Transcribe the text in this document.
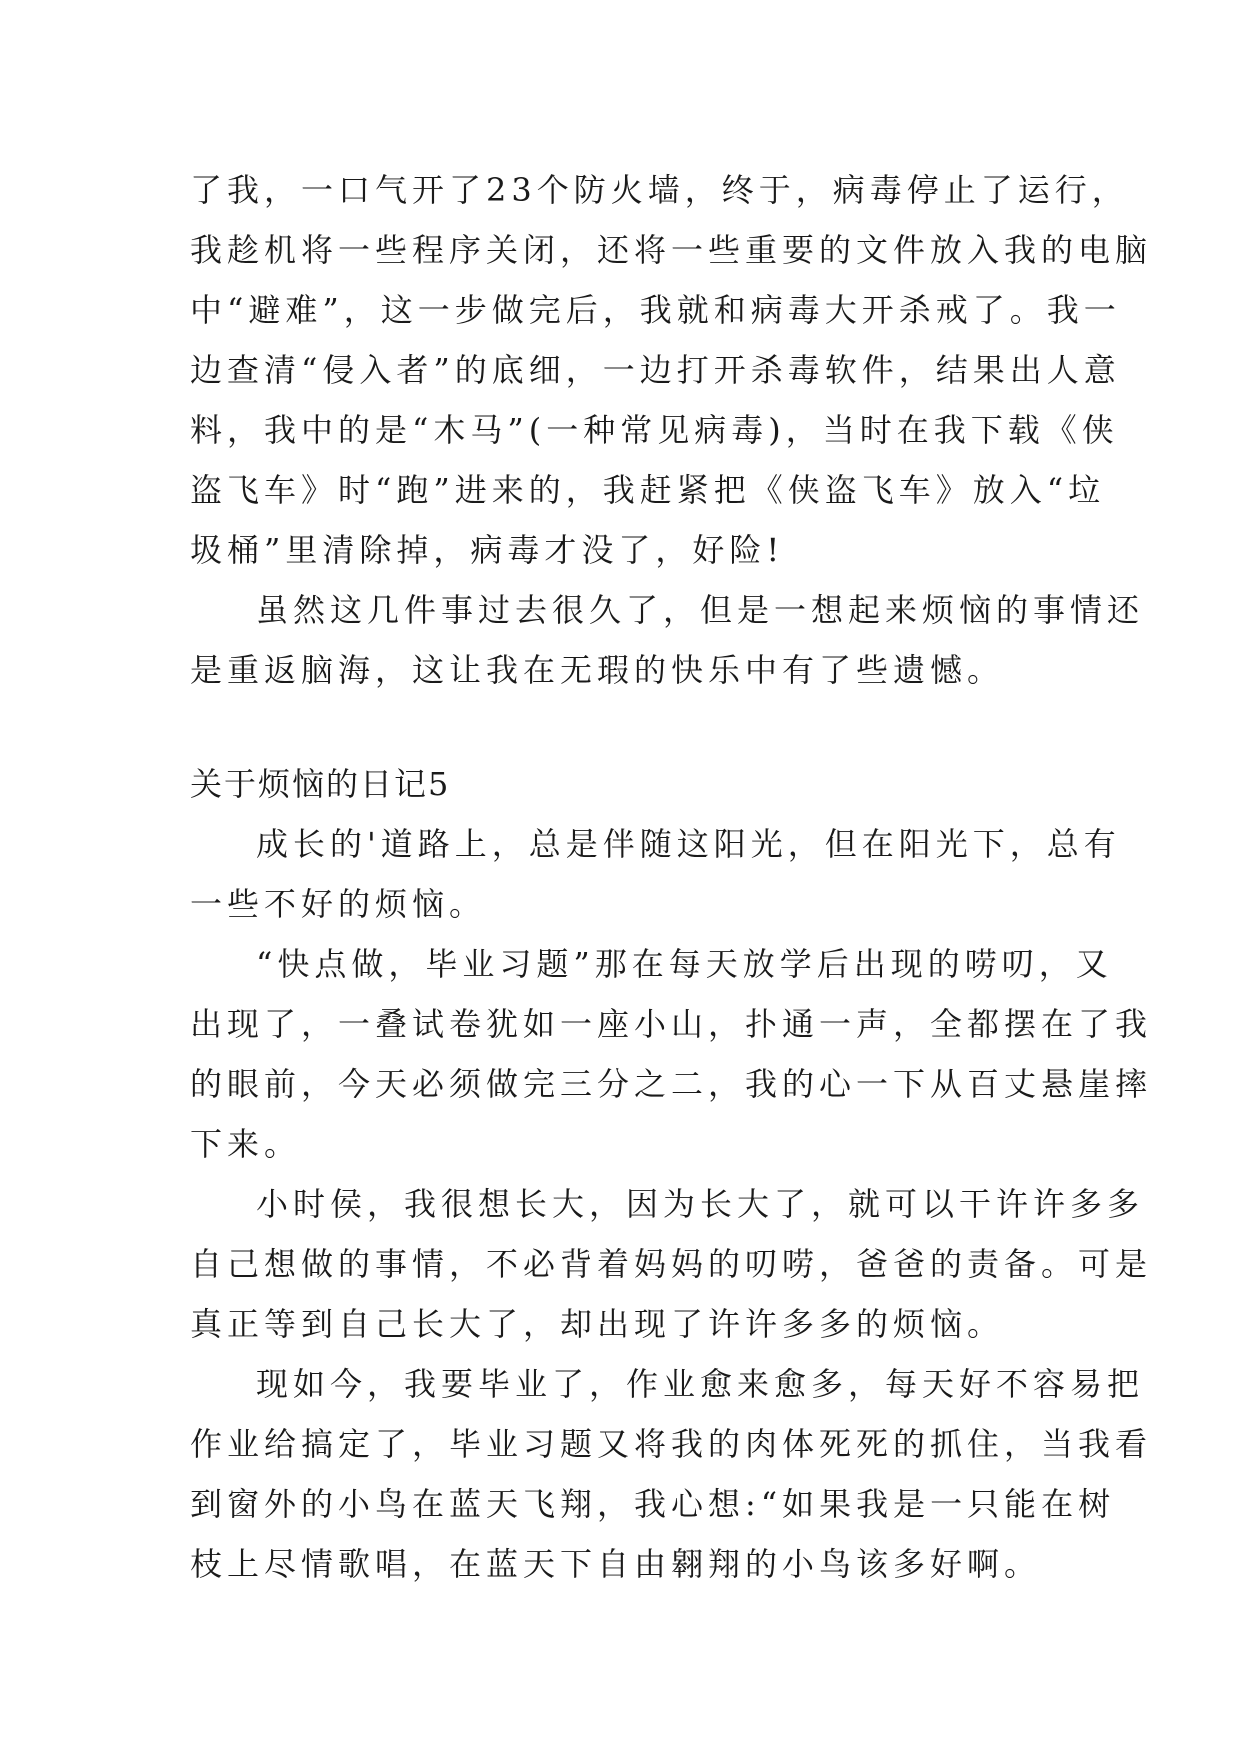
了我，一口气开了23个防火墙，终于，病毒停止了运行，
我趁机将一些程序关闭，还将一些重要的文件放入我的电脑
中“避难”，这一步做完后，我就和病毒大开杀戒了。我一
边查清“侵入者”的底细，一边打开杀毒软件，结果出人意
料，我中的是“木马”(一种常见病毒)，当时在我下载《侠
盗飞车》时“跑”进来的，我赶紧把《侠盗飞车》放入“垃
圾桶”里清除掉，病毒才没了，好险!
虽然这几件事过去很久了，但是一想起来烦恼的事情还
是重返脑海，这让我在无瑕的快乐中有了些遗憾。
关于烦恼的日记5
成长的'道路上，总是伴随这阳光，但在阳光下，总有
一些不好的烦恼。
“快点做，毕业习题”那在每天放学后出现的唠叨，又
出现了，一叠试卷犹如一座小山，扑通一声，全都摆在了我
的眼前，今天必须做完三分之二，我的心一下从百丈悬崖摔
下来。
小时侯，我很想长大，因为长大了，就可以干许许多多
自己想做的事情，不必背着妈妈的叨唠，爸爸的责备。可是
真正等到自己长大了，却出现了许许多多的烦恼。
现如今，我要毕业了，作业愈来愈多，每天好不容易把
作业给搞定了，毕业习题又将我的肉体死死的抓住，当我看
到窗外的小鸟在蓝天飞翔，我心想:“如果我是一只能在树
枝上尽情歌唱，在蓝天下自由翱翔的小鸟该多好啊。
